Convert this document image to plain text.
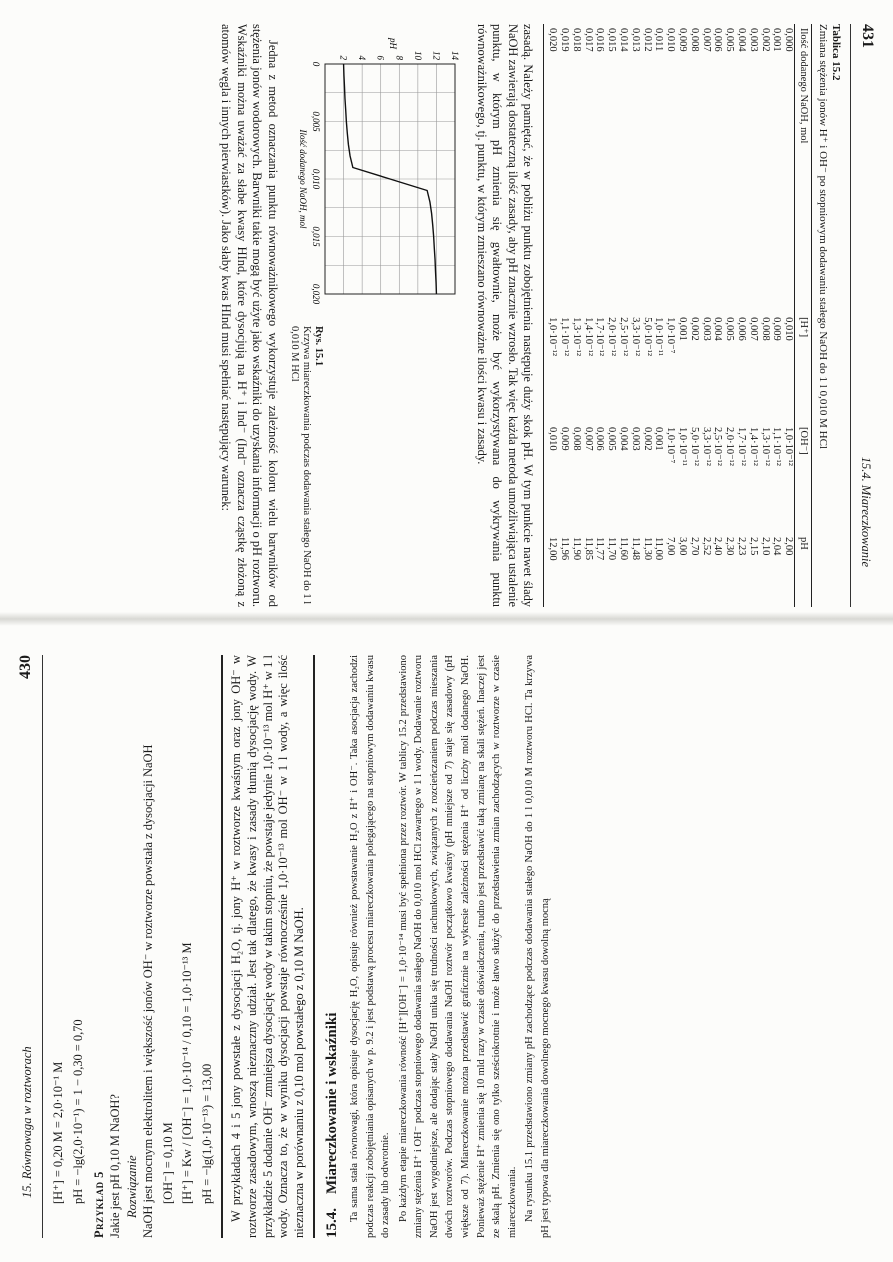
431
15.4. Miareczkowanie
Tablica 15.2
Zmiana stężenia jonów H⁺ i OH⁻ po stopniowym dodawaniu stałego NaOH do 1 l 0,010 M HCl
Ilość dodanego NaOH, mol	[H⁺]	[OH⁻]	pH
0,000	0,010	1,0·10⁻¹²	2,00
0,001	0,009	1,1·10⁻¹²	2,04
0,002	0,008	1,3·10⁻¹²	2,10
0,003	0,007	1,4·10⁻¹²	2,15
0,004	0,006	1,7·10⁻¹²	2,23
0,005	0,005	2,0·10⁻¹²	2,30
0,006	0,004	2,5·10⁻¹²	2,40
0,007	0,003	3,3·10⁻¹²	2,52
0,008	0,002	5,0·10⁻¹²	2,70
0,009	0,001	1,0·10⁻¹¹	3,00
0,010	1,0·10⁻⁷	1,0·10⁻⁷	7,00
0,011	1,0·10⁻¹¹	0,001	11,00
0,012	5,0·10⁻¹²	0,002	11,30
0,013	3,3·10⁻¹²	0,003	11,48
0,014	2,5·10⁻¹²	0,004	11,60
0,015	2,0·10⁻¹²	0,005	11,70
0,016	1,7·10⁻¹²	0,006	11,77
0,017	1,4·10⁻¹²	0,007	11,85
0,018	1,3·10⁻¹²	0,008	11,90
0,019	1,1·10⁻¹²	0,009	11,96
0,020	1,0·10⁻¹²	0,010	12,00

zasadą. Należy pamiętać, że w pobliżu punktu zobojętnienia następuje duży skok pH. W tym punkcie nawet ślady NaOH zawierają dostateczną ilość zasady, aby pH znacznie wzrosło. Tak więc każda metoda umożliwiająca ustalenie punktu, w którym pH zmienia się gwałtownie, może być wykorzystywana do wykrywania punktu równoważnikowego, tj. punktu, w którym zmieszano równoważne ilości kwasu i zasady.

2 4 6 8 10 12 14
0
0,005
0,010
0,015
0,020
pH
Ilość dodanego NaOH, mol
Rys. 15.1
Krzywa miareczkowania podczas dodawania stałego NaOH do 1 l 0,010 M HCl

Jedna z metod oznaczania punktu równoważnikowego wykorzystuje zależność koloru wielu barwników od stężenia jonów wodorowych. Barwniki takie mogą być użyte jako wskaźniki do uzyskania informacji o pH roztworu. Wskaźniki można uważać za słabe kwasy HInd, które dysocjują na H⁺ i Ind⁻ (Ind⁻ oznacza cząstkę złożoną z atomów węgla i innych pierwiastków). Jako słaby kwas HInd musi spełniać następujący warunek:

15. Równowaga w roztworach
430
[H⁺] = 0,20 M = 2,0·10⁻¹ M pH = −lg(2,0·10⁻¹) = 1 − 0,30 = 0,70
Przykład 5 Jakie jest pH 0,10 M NaOH? Rozwiązanie NaOH jest mocnym elektrolitem i większość jonów OH⁻ w roztworze powstała z dysocjacji NaOH [OH⁻] = 0,10 M [H⁺] = Kw / [OH⁻] = 1,0·10⁻¹⁴ / 0,10 = 1,0·10⁻¹³ M pH = −lg(1,0·10⁻¹³) = 13,00 W przykładach 4 i 5 jony powstałe z dysocjacji H₂O, tj. jony H⁺ w roztworze kwaśnym oraz jony OH⁻ w roztworze zasadowym, wnoszą nieznaczny udział. Jest tak dlatego, że kwasy i zasady tłumią dysocjację wody. W przykładzie 5 dodanie OH⁻ zmniejsza dysocjację wody w takim stopniu, że powstaje jedynie 1,0·10⁻¹³ mol H⁺ w 1 l wody. Oznacza to, że w wyniku dysocjacji powstaje równocześnie 1,0·10⁻¹³ mol OH⁻ w 1 l wody, a więc ilość nieznaczna w porównaniu z 0,10 mol powstałego z 0,10 M NaOH. 15.4.Miareczkowanie i wskaźniki Ta sama stała równowagi, która opisuje dysocjację H₂O, opisuje również powstawanie H₂O z H⁺ i OH⁻. Taka asocjacja zachodzi podczas reakcji zobojętniania opisanych w p. 9.2 i jest podstawą procesu miareczkowania polegającego na stopniowym dodawaniu kwasu do zasady lub odwrotnie. Po każdym etapie miareczkowania równość [H⁺][OH⁻] = 1,0·10⁻¹⁴ musi być spełniona przez roztwór. W tablicy 15.2 przedstawiono zmiany stężenia H⁺ i OH⁻ podczas stopniowego dodawania stałego NaOH do 0,010 mol HCl zawartego w 1 l wody. Dodawanie roztworu NaOH jest wygodniejsze, ale dodając stały NaOH unika się trudności rachunkowych, związanych z rozcieńczaniem podczas mieszania dwóch roztworów. Podczas stopniowego dodawania NaOH roztwór początkowo kwaśny (pH mniejsze od 7) staje się zasadowy (pH większe od 7). Miareczkowanie można przedstawić graficznie na wykresie zależności stężenia H⁺ od liczby moli dodanego NaOH. Ponieważ stężenie H⁺ zmienia się 10 mld razy w czasie doświadczenia, trudno jest przedstawić taką zmianę na skali stężeń. Inaczej jest ze skalą pH. Zmienia się ono tylko sześciokrotnie i może łatwo służyć do przedstawienia zmian zachodzących w roztworze w czasie miareczkowania. Na rysunku 15.1 przedstawiono zmiany pH zachodzące podczas dodawania stałego NaOH do 1 l 0,010 M roztworu HCl. Ta krzywa pH jest typowa dla miareczkowania dowolnego mocnego kwasu dowolną mocną
